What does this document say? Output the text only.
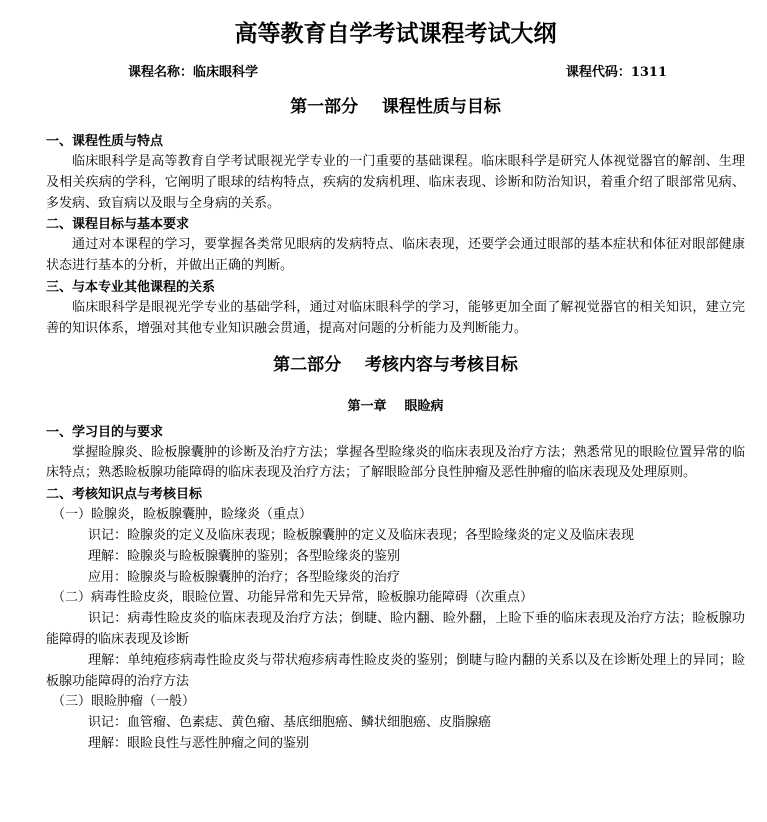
高等教育自学考试课程考试大纲
课程名称：临床眼科学	课程代码：1311
第一部分    课程性质与目标
一、课程性质与特点

临床眼科学是高等教育自学考试眼视光学专业的一门重要的基础课程。临床眼科学是研究人体视觉器官的解剖、生理及相关疾病的学科，它阐明了眼球的结构特点，疾病的发病机理、临床表现、诊断和防治知识，着重介绍了眼部常见病、多发病、致盲病以及眼与全身病的关系。

二、课程目标与基本要求

通过对本课程的学习，要掌握各类常见眼病的发病特点、临床表现，还要学会通过眼部的基本症状和体征对眼部健康状态进行基本的分析，并做出正确的判断。

三、与本专业其他课程的关系

临床眼科学是眼视光学专业的基础学科，通过对临床眼科学的学习，能够更加全面了解视觉器官的相关知识，建立完善的知识体系，增强对其他专业知识融会贯通，提高对问题的分析能力及判断能力。

第二部分    考核内容与考核目标
第一章    眼睑病
一、学习目的与要求

掌握睑腺炎、睑板腺囊肿的诊断及治疗方法；掌握各型睑缘炎的临床表现及治疗方法；熟悉常见的眼睑位置异常的临床特点；熟悉睑板腺功能障碍的临床表现及治疗方法；了解眼睑部分良性肿瘤及恶性肿瘤的临床表现及处理原则。

二、考核知识点与考核目标
（一）睑腺炎，睑板腺囊肿，睑缘炎（重点）

识记：睑腺炎的定义及临床表现；睑板腺囊肿的定义及临床表现；各型睑缘炎的定义及临床表现

理解：睑腺炎与睑板腺囊肿的鉴别；各型睑缘炎的鉴别

应用：睑腺炎与睑板腺囊肿的治疗；各型睑缘炎的治疗

（二）病毒性睑皮炎，眼睑位置、功能异常和先天异常，睑板腺功能障碍（次重点）

识记：病毒性睑皮炎的临床表现及治疗方法；倒睫、睑内翻、睑外翻，上睑下垂的临床表现及治疗方法；睑板腺功能障碍的临床表现及诊断

理解：单纯疱疹病毒性睑皮炎与带状疱疹病毒性睑皮炎的鉴别；倒睫与睑内翻的关系以及在诊断处理上的异同；睑板腺功能障碍的治疗方法

（三）眼睑肿瘤（一般）

识记：血管瘤、色素痣、黄色瘤、基底细胞癌、鳞状细胞癌、皮脂腺癌

理解：眼睑良性与恶性肿瘤之间的鉴别
